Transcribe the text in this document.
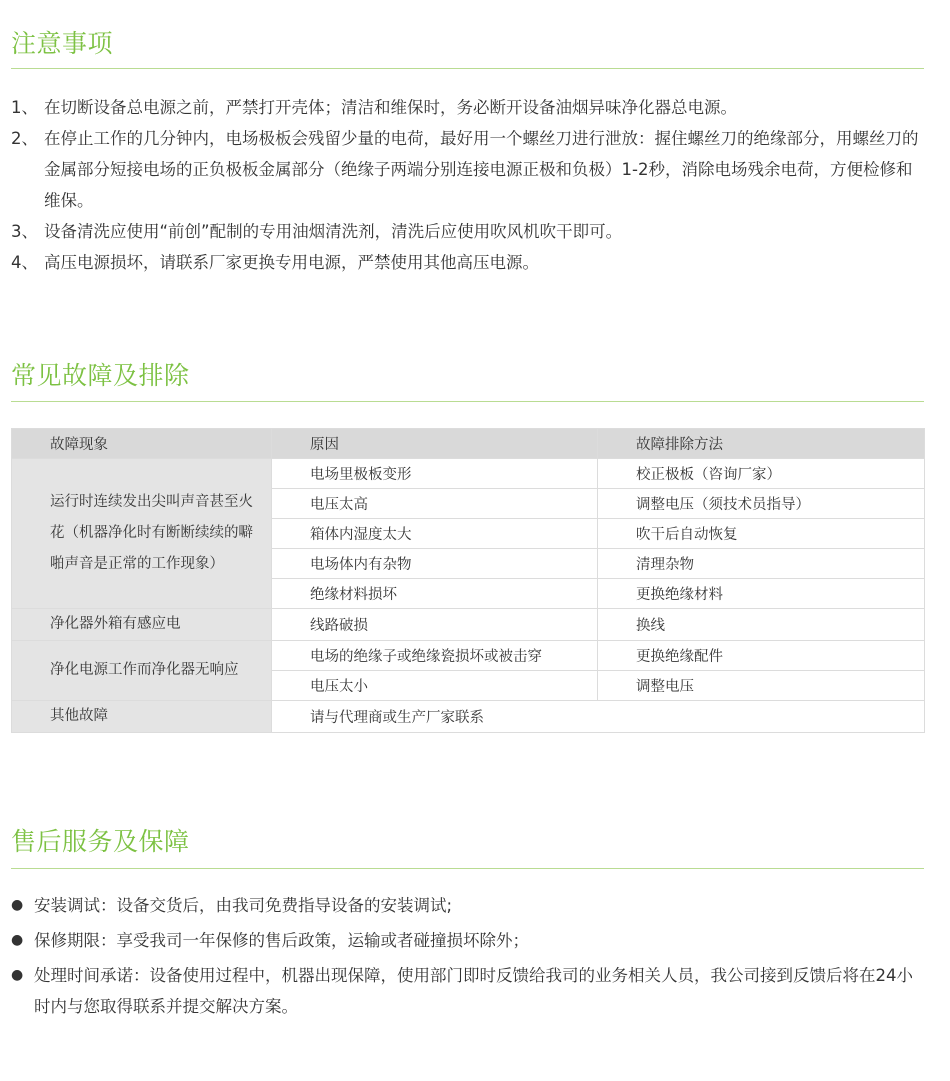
注意事项
1、 在切断设备总电源之前，严禁打开壳体；清洁和维保时，务必断开设备油烟异味净化器总电源。
2、 在停止工作的几分钟内，电场极板会残留少量的电荷，最好用一个螺丝刀进行泄放：握住螺丝刀的绝缘部分，用螺丝刀的金属部分短接电场的正负极板金属部分（绝缘子两端分别连接电源正极和负极）1-2秒，消除电场残余电荷，方便检修和维保。
3、 设备清洗应使用“前创”配制的专用油烟清洗剂，清洗后应使用吹风机吹干即可。
4、 高压电源损坏，请联系厂家更换专用电源，严禁使用其他高压电源。
常见故障及排除
故障现象	原因	故障排除方法
运行时连续发出尖叫声音甚至火花（机器净化时有断断续续的噼啪声音是正常的工作现象）	电场里极板变形	校正极板（咨询厂家）
	电压太高	调整电压（须技术员指导）
	箱体内湿度太大	吹干后自动恢复
	电场体内有杂物	清理杂物
	绝缘材料损坏	更换绝缘材料
净化器外箱有感应电	线路破损	换线
净化电源工作而净化器无响应	电场的绝缘子或绝缘瓷损坏或被击穿	更换绝缘配件
	电压太小	调整电压
其他故障	请与代理商或生产厂家联系	
售后服务及保障
● 安装调试：设备交货后，由我司免费指导设备的安装调试;
● 保修期限：享受我司一年保修的售后政策，运输或者碰撞损坏除外；
● 处理时间承诺：设备使用过程中，机器出现保障，使用部门即时反馈给我司的业务相关人员，我公司接到反馈后将在24小时内与您取得联系并提交解决方案。
